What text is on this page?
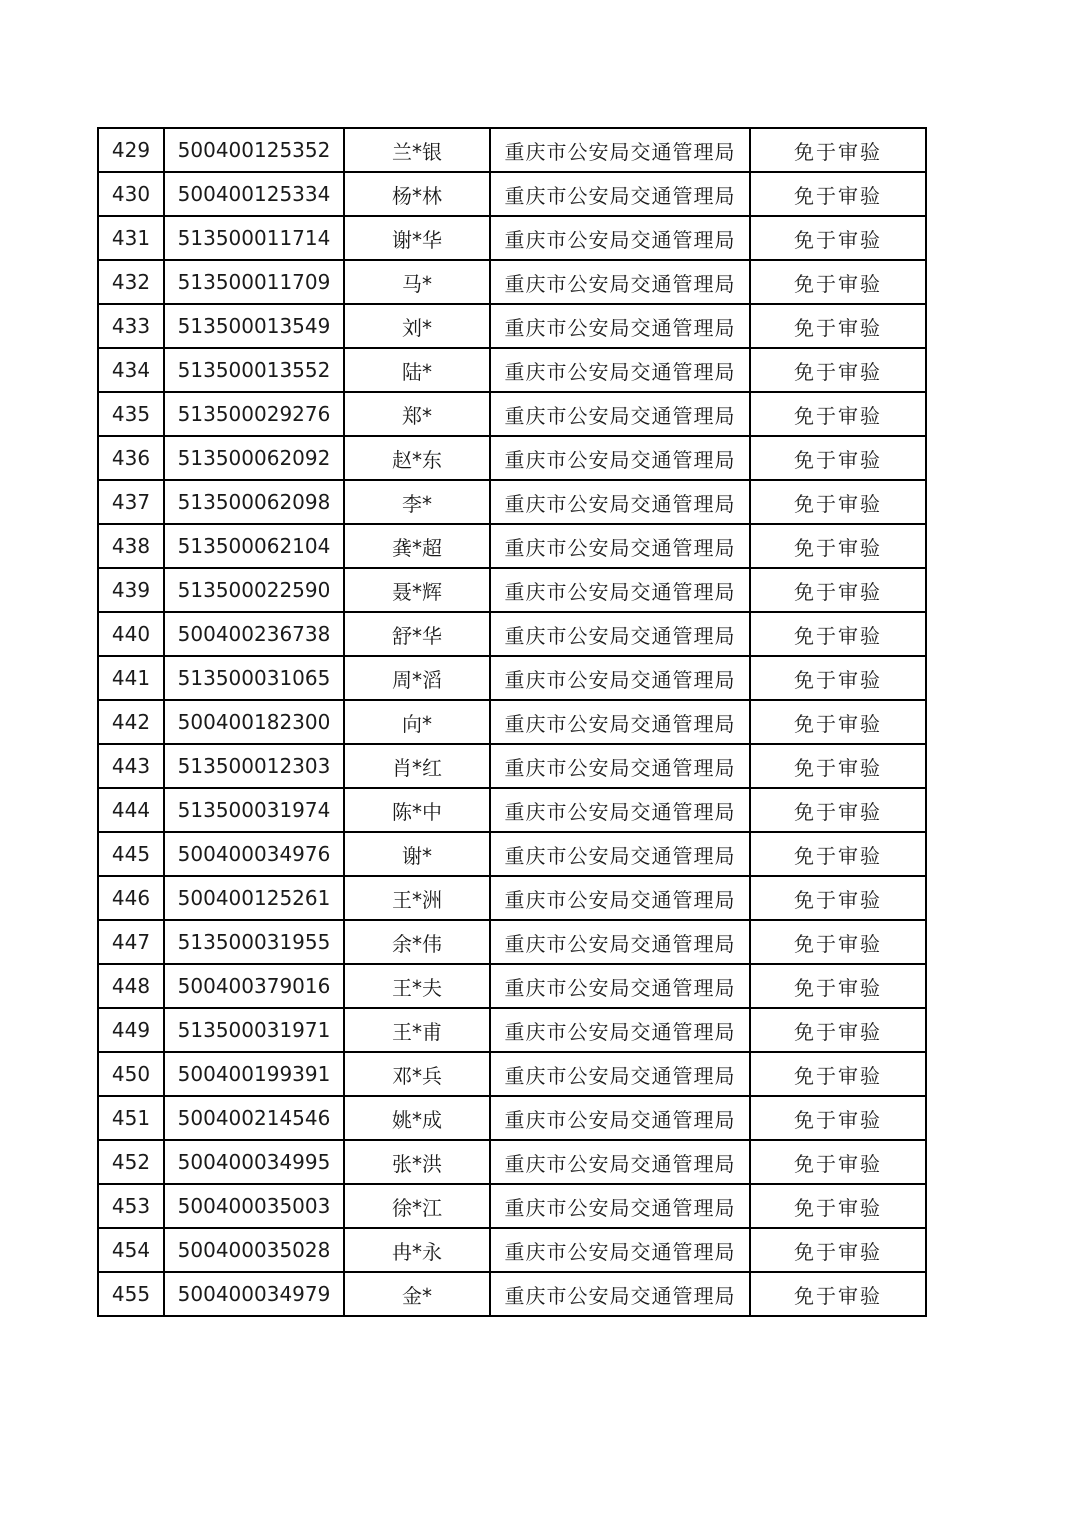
429	500400125352	兰*银	重庆市公安局交通管理局	免于审验
430	500400125334	杨*林	重庆市公安局交通管理局	免于审验
431	513500011714	谢*华	重庆市公安局交通管理局	免于审验
432	513500011709	马*	重庆市公安局交通管理局	免于审验
433	513500013549	刘*	重庆市公安局交通管理局	免于审验
434	513500013552	陆*	重庆市公安局交通管理局	免于审验
435	513500029276	郑*	重庆市公安局交通管理局	免于审验
436	513500062092	赵*东	重庆市公安局交通管理局	免于审验
437	513500062098	李*	重庆市公安局交通管理局	免于审验
438	513500062104	龚*超	重庆市公安局交通管理局	免于审验
439	513500022590	聂*辉	重庆市公安局交通管理局	免于审验
440	500400236738	舒*华	重庆市公安局交通管理局	免于审验
441	513500031065	周*滔	重庆市公安局交通管理局	免于审验
442	500400182300	向*	重庆市公安局交通管理局	免于审验
443	513500012303	肖*红	重庆市公安局交通管理局	免于审验
444	513500031974	陈*中	重庆市公安局交通管理局	免于审验
445	500400034976	谢*	重庆市公安局交通管理局	免于审验
446	500400125261	王*洲	重庆市公安局交通管理局	免于审验
447	513500031955	余*伟	重庆市公安局交通管理局	免于审验
448	500400379016	王*夫	重庆市公安局交通管理局	免于审验
449	513500031971	王*甫	重庆市公安局交通管理局	免于审验
450	500400199391	邓*兵	重庆市公安局交通管理局	免于审验
451	500400214546	姚*成	重庆市公安局交通管理局	免于审验
452	500400034995	张*洪	重庆市公安局交通管理局	免于审验
453	500400035003	徐*江	重庆市公安局交通管理局	免于审验
454	500400035028	冉*永	重庆市公安局交通管理局	免于审验
455	500400034979	金*	重庆市公安局交通管理局	免于审验
